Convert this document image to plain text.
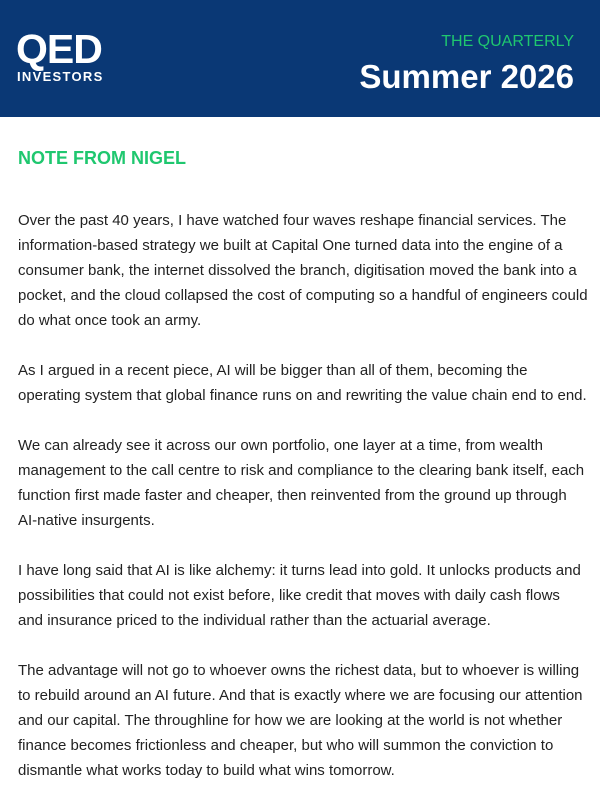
QED
INVESTORS
THE QUARTERLY
Summer 2026
NOTE FROM NIGEL

Over the past 40 years, I have watched four waves reshape financial services. The information-based strategy we built at Capital One turned data into the engine of a consumer bank, the internet dissolved the branch, digitisation moved the bank into a pocket, and the cloud collapsed the cost of computing so a handful of engineers could do what once took an army.

As I argued in a recent piece, AI will be bigger than all of them, becoming the operating system that global finance runs on and rewriting the value chain end to end.

We can already see it across our own portfolio, one layer at a time, from wealth management to the call centre to risk and compliance to the clearing bank itself, each function first made faster and cheaper, then reinvented from the ground up through AI-native insurgents.

I have long said that AI is like alchemy: it turns lead into gold. It unlocks products and possibilities that could not exist before, like credit that moves with daily cash flows and insurance priced to the individual rather than the actuarial average.

The advantage will not go to whoever owns the richest data, but to whoever is willing to rebuild around an AI future. And that is exactly where we are focusing our attention and our capital. The throughline for how we are looking at the world is not whether finance becomes frictionless and cheaper, but who will summon the conviction to dismantle what works today to build what wins tomorrow.
